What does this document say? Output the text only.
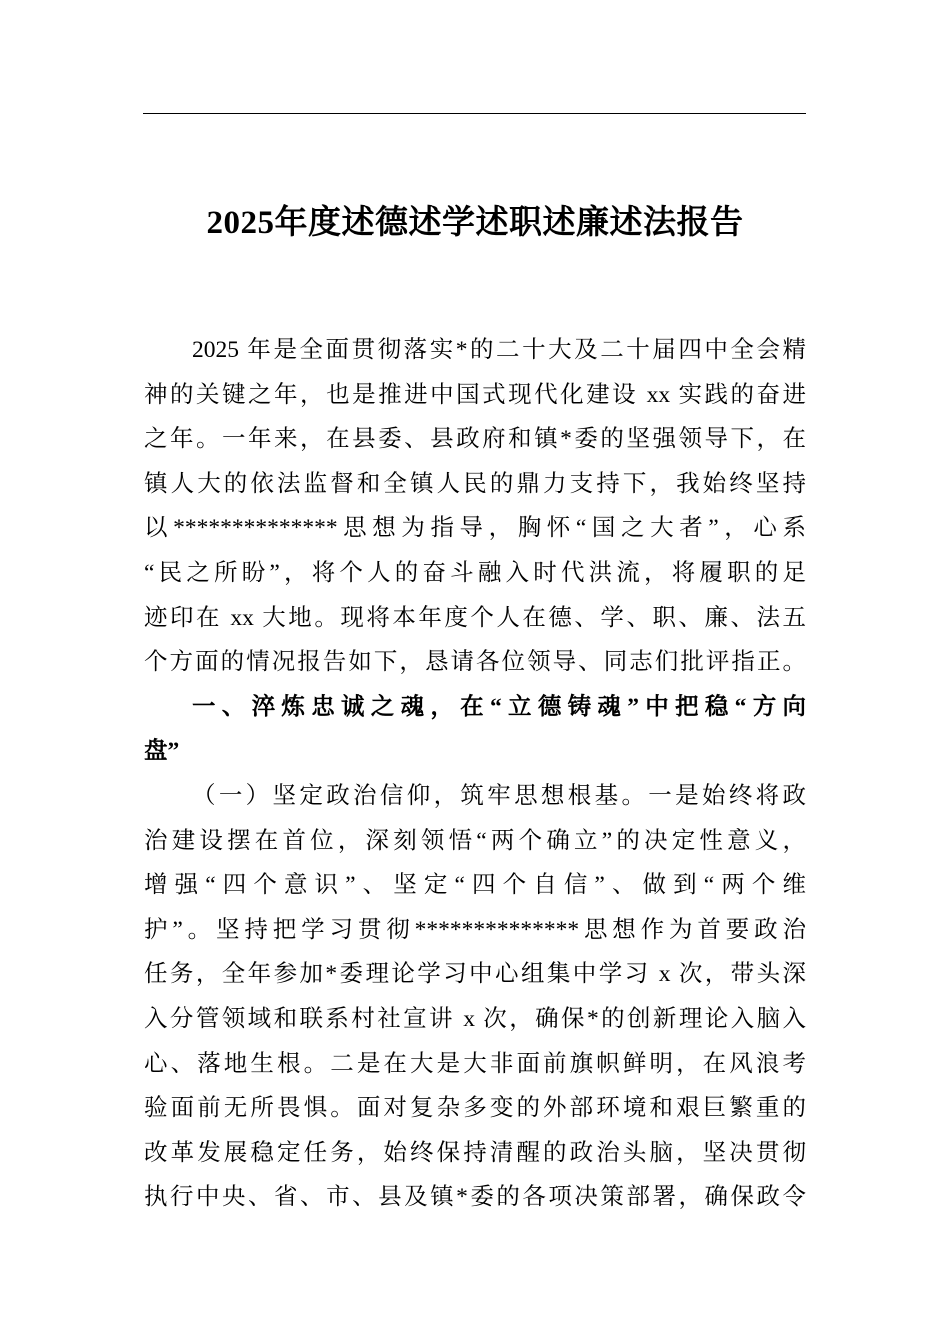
2025年度述德述学述职述廉述法报告
2025 年是全面贯彻落实*的二十大及二十届四中全会精
神的关键之年，也是推进中国式现代化建设 xx 实践的奋进
之年。一年来，在县委、县政府和镇*委的坚强领导下，在
镇人大的依法监督和全镇人民的鼎力支持下，我始终坚持
以**************思想为指导，胸怀“国之大者”，心系
“民之所盼”，将个人的奋斗融入时代洪流，将履职的足
迹印在 xx 大地。现将本年度个人在德、学、职、廉、法五
个方面的情况报告如下，恳请各位领导、同志们批评指正。
一、淬炼忠诚之魂，在“立德铸魂”中把稳“方向
盘”
（一）坚定政治信仰，筑牢思想根基。一是始终将政
治建设摆在首位，深刻领悟“两个确立”的决定性意义，
增强“四个意识”、坚定“四个自信”、做到“两个维
护”。坚持把学习贯彻**************思想作为首要政治
任务，全年参加*委理论学习中心组集中学习 x 次，带头深
入分管领域和联系村社宣讲 x 次，确保*的创新理论入脑入
心、落地生根。二是在大是大非面前旗帜鲜明，在风浪考
验面前无所畏惧。面对复杂多变的外部环境和艰巨繁重的
改革发展稳定任务，始终保持清醒的政治头脑，坚决贯彻
执行中央、省、市、县及镇*委的各项决策部署，确保政令
